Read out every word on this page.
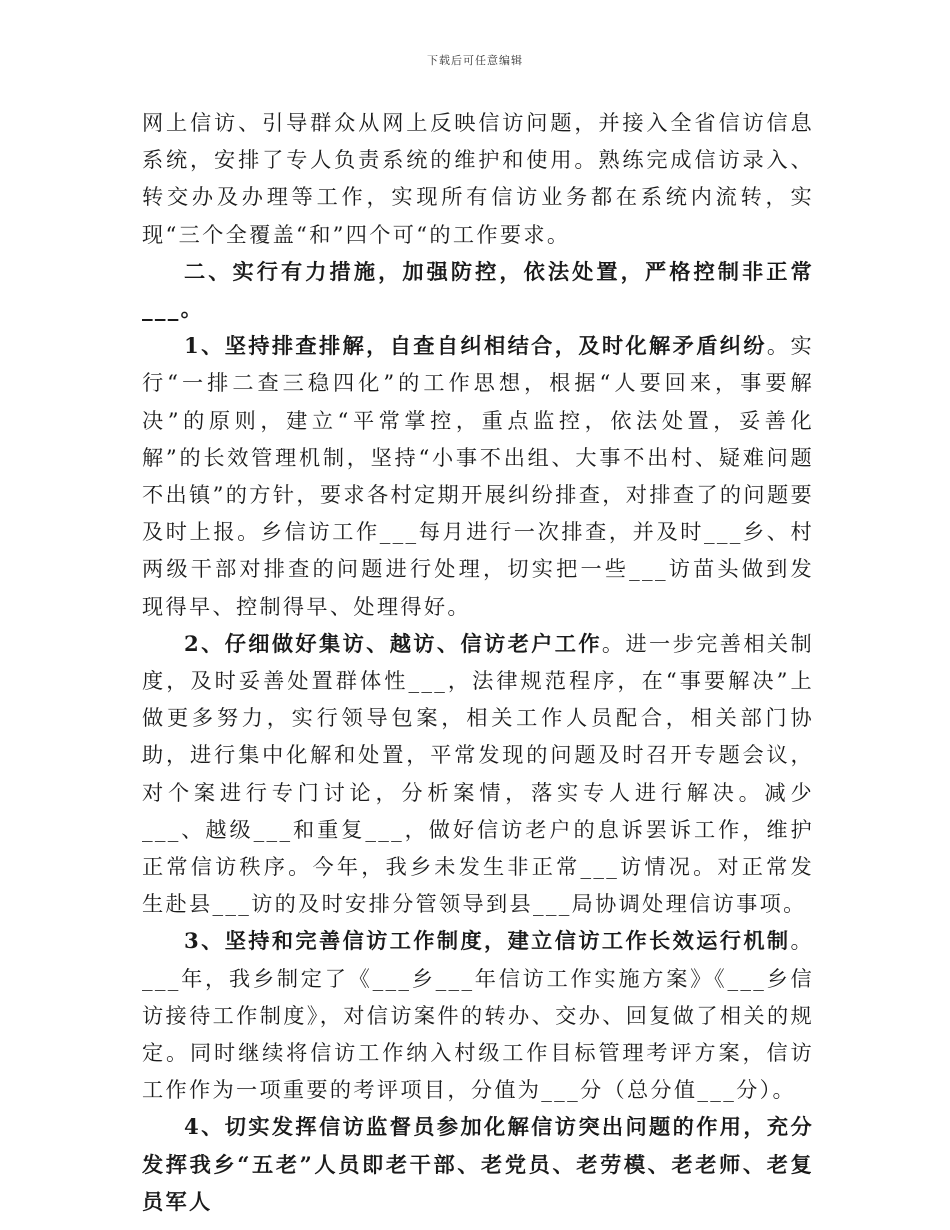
下载后可任意编辑

网上信访、引导群众从网上反映信访问题，并接入全省信访信息系统，安排了专人负责系统的维护和使用。熟练完成信访录入、转交办及办理等工作，实现所有信访业务都在系统内流转，实现“三个全覆盖“和”四个可“的工作要求。

二、实行有力措施，加强防控，依法处置，严格控制非正常___。

1、坚持排查排解，自查自纠相结合，及时化解矛盾纠纷。实行“一排二查三稳四化”的工作思想，根据“人要回来，事要解决”的原则，建立“平常掌控，重点监控，依法处置，妥善化解”的长效管理机制，坚持“小事不出组、大事不出村、疑难问题不出镇”的方针，要求各村定期开展纠纷排查，对排查了的问题要及时上报。乡信访工作___每月进行一次排查，并及时___乡、村两级干部对排查的问题进行处理，切实把一些___访苗头做到发现得早、控制得早、处理得好。

2、仔细做好集访、越访、信访老户工作。进一步完善相关制度，及时妥善处置群体性___，法律规范程序，在“事要解决”上做更多努力，实行领导包案，相关工作人员配合，相关部门协助，进行集中化解和处置，平常发现的问题及时召开专题会议，对个案进行专门讨论，分析案情，落实专人进行解决。减少___、越级___和重复___，做好信访老户的息诉罢诉工作，维护正常信访秩序。今年，我乡未发生非正常___访情况。对正常发生赴县___访的及时安排分管领导到县___局协调处理信访事项。

3、坚持和完善信访工作制度，建立信访工作长效运行机制。___年，我乡制定了《___乡___年信访工作实施方案》《___乡信访接待工作制度》，对信访案件的转办、交办、回复做了相关的规定。同时继续将信访工作纳入村级工作目标管理考评方案，信访工作作为一项重要的考评项目，分值为___分（总分值___分）。

4、切实发挥信访监督员参加化解信访突出问题的作用，充分发挥我乡“五老”人员即老干部、老党员、老劳模、老老师、老复员军人
